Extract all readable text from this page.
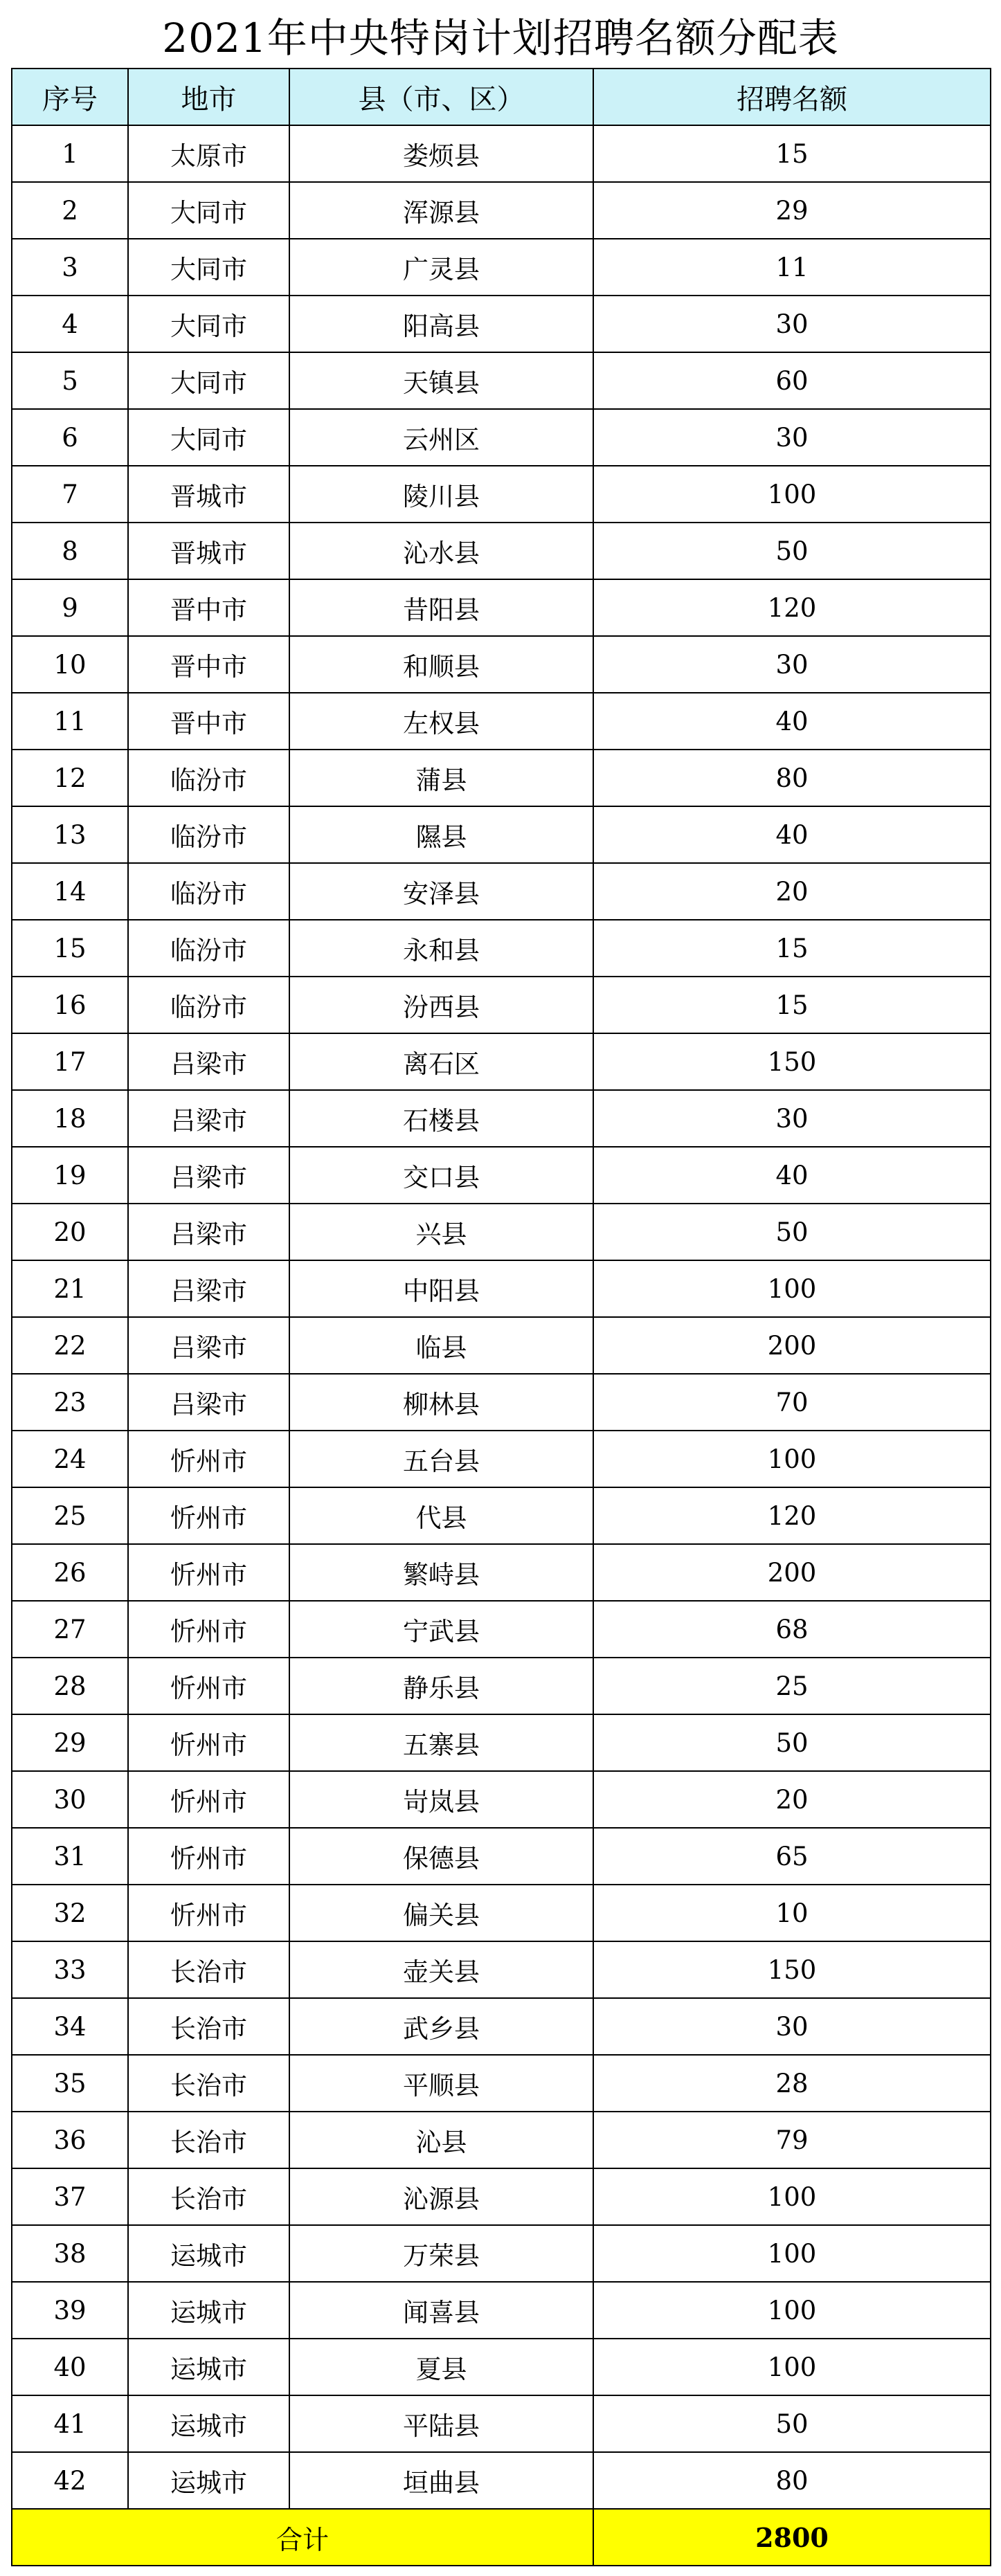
2021年中央特岗计划招聘名额分配表
序号	地市	县（市、区）	招聘名额
1	太原市	娄烦县	15
2	大同市	浑源县	29
3	大同市	广灵县	11
4	大同市	阳高县	30
5	大同市	天镇县	60
6	大同市	云州区	30
7	晋城市	陵川县	100
8	晋城市	沁水县	50
9	晋中市	昔阳县	120
10	晋中市	和顺县	30
11	晋中市	左权县	40
12	临汾市	蒲县	80
13	临汾市	隰县	40
14	临汾市	安泽县	20
15	临汾市	永和县	15
16	临汾市	汾西县	15
17	吕梁市	离石区	150
18	吕梁市	石楼县	30
19	吕梁市	交口县	40
20	吕梁市	兴县	50
21	吕梁市	中阳县	100
22	吕梁市	临县	200
23	吕梁市	柳林县	70
24	忻州市	五台县	100
25	忻州市	代县	120
26	忻州市	繁峙县	200
27	忻州市	宁武县	68
28	忻州市	静乐县	25
29	忻州市	五寨县	50
30	忻州市	岢岚县	20
31	忻州市	保德县	65
32	忻州市	偏关县	10
33	长治市	壶关县	150
34	长治市	武乡县	30
35	长治市	平顺县	28
36	长治市	沁县	79
37	长治市	沁源县	100
38	运城市	万荣县	100
39	运城市	闻喜县	100
40	运城市	夏县	100
41	运城市	平陆县	50
42	运城市	垣曲县	80
合计			2800
